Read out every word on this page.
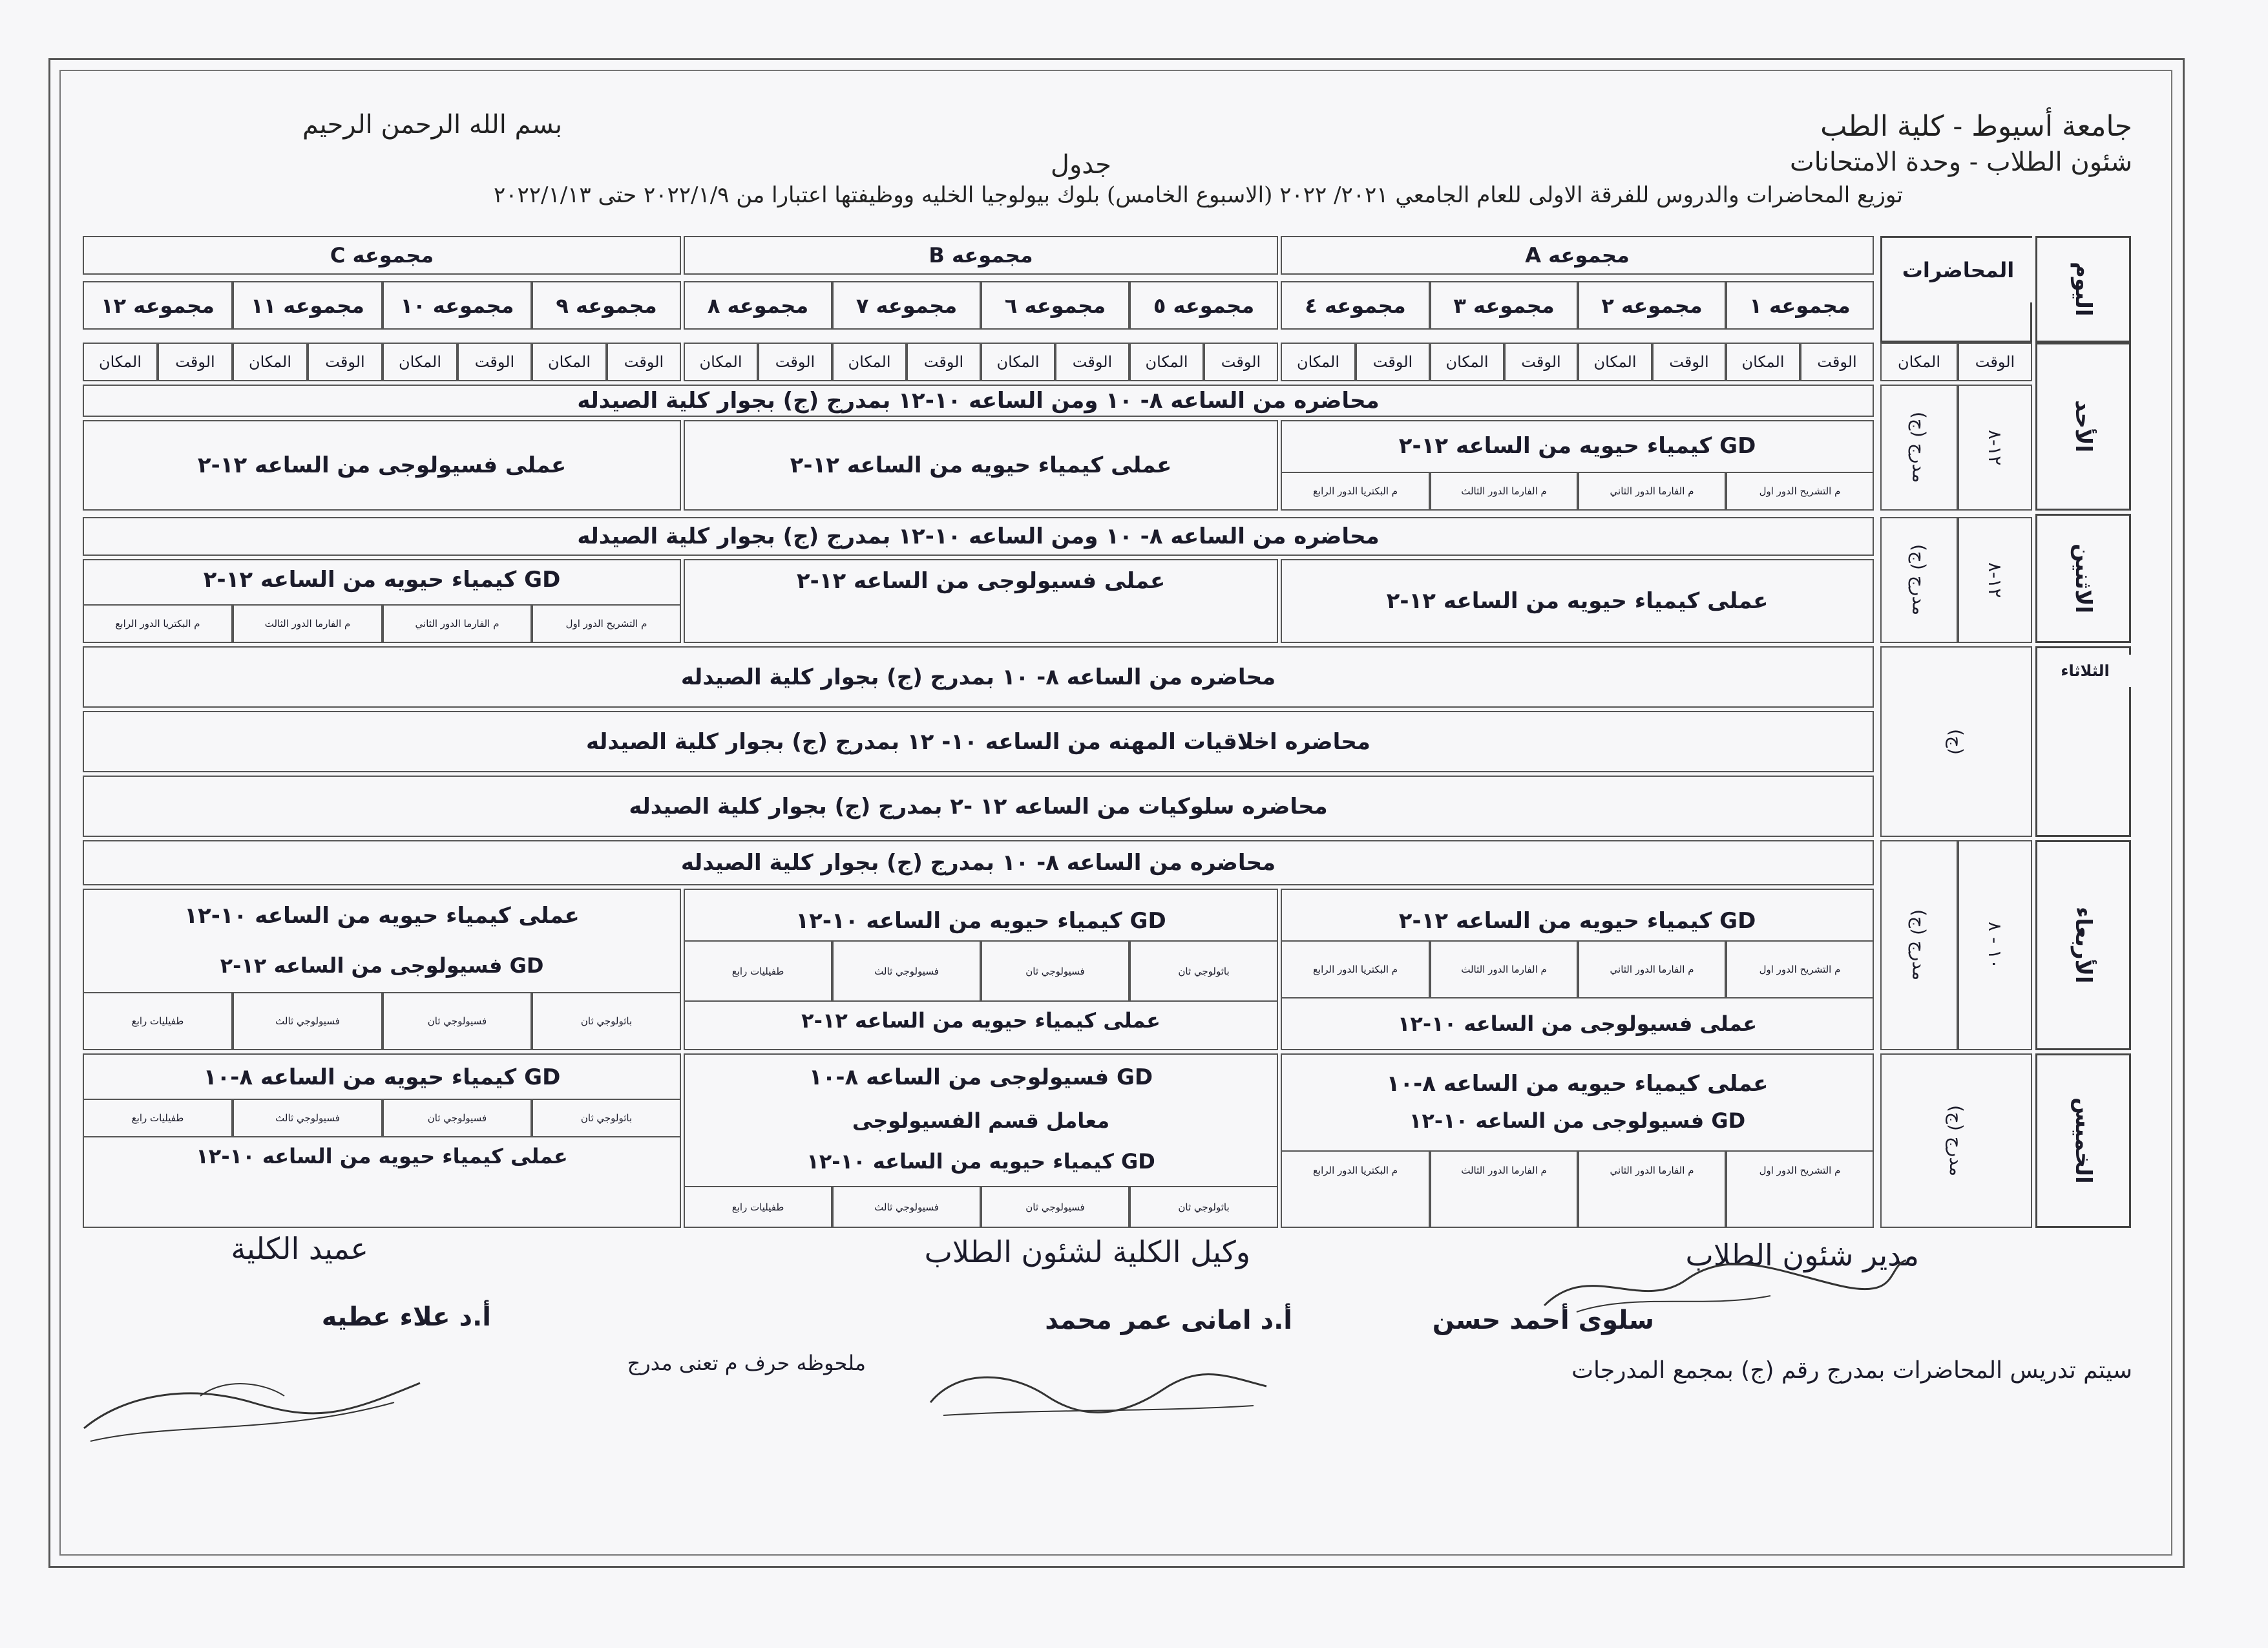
بسم الله الرحمن الرحيم	جامعة أسيوط - كلية الطب
شئون الطلاب - وحدة الامتحانات
جدول
توزيع المحاضرات والدروس للفرقة الاولى للعام الجامعي ٢٠٢١/ ٢٠٢٢ (الاسبوع الخامس) بلوك بيولوجيا الخليه ووظيفتها اعتبارا من ٢٠٢٢/١/٩ حتى ٢٠٢٢/١/١٣
اليوم
المحاضرات
مجموعه A
مجموعه B
مجموعه C
مجموعه ١
مجموعه ٢
مجموعه ٣
مجموعه ٤
مجموعه ٥
مجموعه ٦
مجموعه ٧
مجموعه ٨
مجموعه ٩
مجموعه ١٠
مجموعه ١١
مجموعه ١٢
الوقت
المكان
الوقت
المكان
الوقت
المكان
الوقت
المكان
الوقت
المكان
الوقت
المكان
الوقت
المكان
الوقت
المكان
الوقت
المكان
الوقت
المكان
الوقت
المكان
الوقت
المكان
الوقت
المكان
الأحد
١٢-٨
مدرج (ج)
محاضره من الساعه ٨- ١٠ ومن الساعه ١٠-١٢ بمدرج (ج) بجوار كلية الصيدله
GD كيمياء حيويه من الساعه ١٢-٢
م التشريح الدور اول
م الفارما الدور الثاني
م الفارما الدور الثالث
م البكتريا الدور الرابع
عملى كيمياء حيويه من الساعه ١٢-٢
عملى فسيولوجى من الساعه ١٢-٢
الاثنين
١٢-٨
مدرج (ج)
محاضره من الساعه ٨- ١٠ ومن الساعه ١٠-١٢ بمدرج (ج) بجوار كلية الصيدله
عملى كيمياء حيويه من الساعه ١٢-٢
عملى فسيولوجى من الساعه ١٢-٢
GD كيمياء حيويه من الساعه ١٢-٢
م التشريح الدور اول
م الفارما الدور الثاني
م الفارما الدور الثالث
م البكتريا الدور الرابع
الثلاثاء
(ج)
محاضره من الساعه ٨- ١٠ بمدرج (ج) بجوار كلية الصيدله
محاضره اخلاقيات المهنه من الساعه ١٠- ١٢ بمدرج (ج) بجوار كلية الصيدله
محاضره سلوكيات من الساعه ١٢ -٢ بمدرج (ج) بجوار كلية الصيدله
الأربعاء
١٠ - ٨
مدرج (ج)
محاضره من الساعه ٨- ١٠ بمدرج (ج) بجوار كلية الصيدله
GD كيمياء حيويه من الساعه ١٢-٢
م التشريح الدور اول
م الفارما الدور الثاني
م الفارما الدور الثالث
م البكتريا الدور الرابع
عملى فسيولوجى من الساعه ١٠-١٢
GD كيمياء حيويه من الساعه ١٠-١٢
باثولوجي ثان
فسيولوجي ثان
فسيولوجي ثالث
طفيليات رابع
عملى كيمياء حيويه من الساعه ١٢-٢
عملى كيمياء حيويه من الساعه ١٠-١٢
GD فسيولوجى من الساعه ١٢-٢
باثولوجي ثان
فسيولوجي ثان
فسيولوجي ثالث
طفيليات رابع
الخميس
مدرج (ج)
عملى كيمياء حيويه من الساعه ٨-١٠
GD فسيولوجى من الساعه ١٠-١٢
م التشريح الدور اول
م الفارما الدور الثاني
م الفارما الدور الثالث
م البكتريا الدور الرابع
GD فسيولوجى من الساعه ٨-١٠
معامل قسم الفسيولوجى
GD كيمياء حيويه من الساعه ١٠-١٢
باثولوجي ثان
فسيولوجي ثان
فسيولوجي ثالث
طفيليات رابع
GD كيمياء حيويه من الساعه ٨-١٠
باثولوجي ثان
فسيولوجي ثان
فسيولوجي ثالث
طفيليات رابع
عملى كيمياء حيويه من الساعه ١٠-١٢
مدير شئون الطلاب
وكيل الكلية لشئون الطلاب
عميد الكلية
سلوى أحمد حسن
أ.د امانى عمر محمد
أ.د علاء عطيه
سيتم تدريس المحاضرات بمدرج رقم (ج) بمجمع المدرجات
ملحوظه حرف م تعنى مدرج
